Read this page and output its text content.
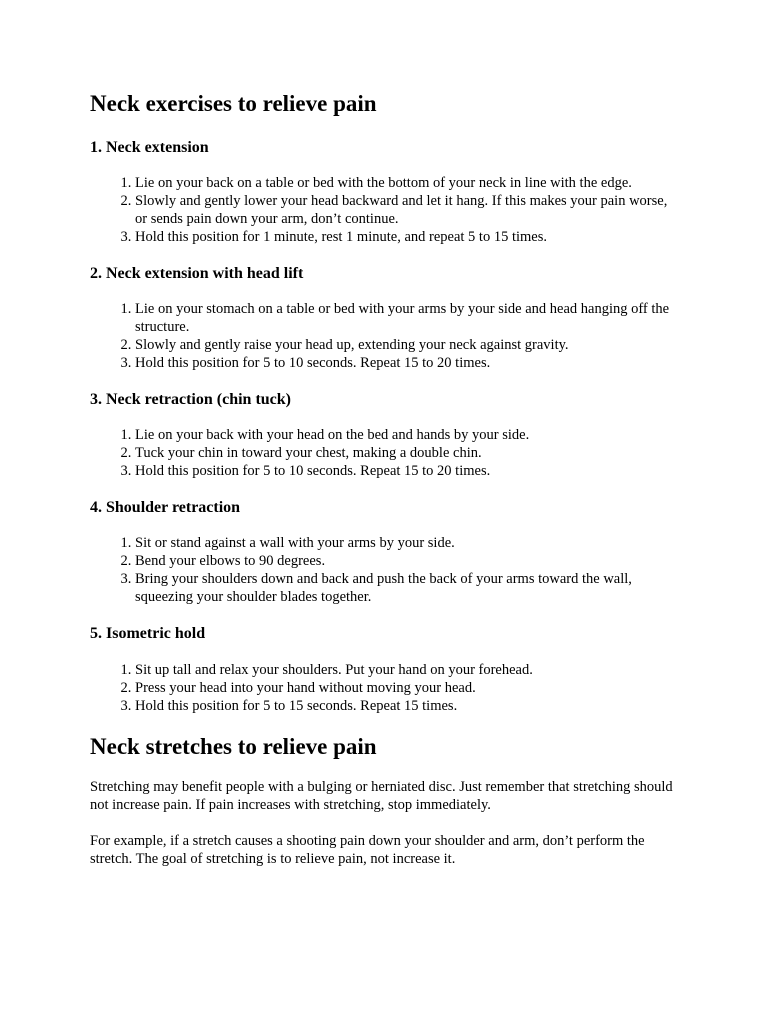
Neck exercises to relieve pain
1. Neck extension
1. Lie on your back on a table or bed with the bottom of your neck in line with the edge.
2. Slowly and gently lower your head backward and let it hang. If this makes your pain worse, or sends pain down your arm, don’t continue.
3. Hold this position for 1 minute, rest 1 minute, and repeat 5 to 15 times.
2. Neck extension with head lift
1. Lie on your stomach on a table or bed with your arms by your side and head hanging off the structure.
2. Slowly and gently raise your head up, extending your neck against gravity.
3. Hold this position for 5 to 10 seconds. Repeat 15 to 20 times.
3. Neck retraction (chin tuck)
1. Lie on your back with your head on the bed and hands by your side.
2. Tuck your chin in toward your chest, making a double chin.
3. Hold this position for 5 to 10 seconds. Repeat 15 to 20 times.
4. Shoulder retraction
1. Sit or stand against a wall with your arms by your side.
2. Bend your elbows to 90 degrees.
3. Bring your shoulders down and back and push the back of your arms toward the wall, squeezing your shoulder blades together.
5. Isometric hold
1. Sit up tall and relax your shoulders. Put your hand on your forehead.
2. Press your head into your hand without moving your head.
3. Hold this position for 5 to 15 seconds. Repeat 15 times.
Neck stretches to relieve pain

Stretching may benefit people with a bulging or herniated disc. Just remember that stretching should not increase pain. If pain increases with stretching, stop immediately.

For example, if a stretch causes a shooting pain down your shoulder and arm, don’t perform the stretch. The goal of stretching is to relieve pain, not increase it.
